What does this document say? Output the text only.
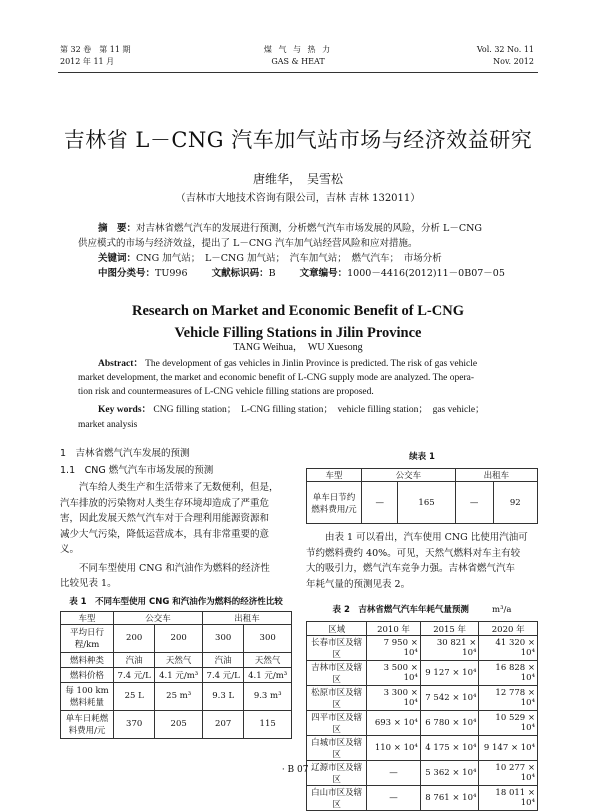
第 32 卷　第 11 期
2012 年 11 月
煤 气 与 热 力
GAS & HEAT
Vol. 32 No. 11
Nov. 2012
吉林省 L－CNG 汽车加气站市场与经济效益研究
唐维华，　吴雪松
（吉林市大地技术咨询有限公司，吉林 吉林 132011）
摘　要：对吉林省燃气汽车的发展进行预测，分析燃气汽车市场发展的风险，分析 L－CNG
供应模式的市场与经济效益，提出了 L－CNG 汽车加气站经营风险和应对措施。
关键词：CNG 加气站；　L－CNG 加气站；　汽车加气站；　燃气汽车；　市场分析
中图分类号：TU996	文献标识码：B	文章编号：1000－4416(2012)11－0B07－05
Research on Market and Economic Benefit of L-CNG
Vehicle Filling Stations in Jilin Province
TANG Weihua，　WU Xuesong
Abstract： The development of gas vehicles in Jinlin Province is predicted. The risk of gas vehicle
market development, the market and economic benefit of L-CNG supply mode are analyzed. The opera-
tion risk and countermeasures of L-CNG vehicle filling stations are proposed.
Key words： CNG filling station；　L-CNG filling station；　vehicle filling station；　gas vehicle；
market analysis
1　吉林省燃气汽车发展的预测
1.1　CNG 燃气汽车市场发展的预测
　　汽车给人类生产和生活带来了无数便利，但是，
汽车排放的污染物对人类生存环境却造成了严重危
害，因此发展天然气汽车对于合理利用能源资源和
减少大气污染，降低运营成本，具有非常重要的意
义。
　　不同车型使用 CNG 和汽油作为燃料的经济性
比较见表 1。
表 1　不同车型使用 CNG 和汽油作为燃料的经济性比较
车型	公交车		出租车	
平均日行程/km	200	200	300	300
燃料种类	汽油	天然气	汽油	天然气
燃料价格	7.4 元/L	4.1 元/m³	7.4 元/L	4.1 元/m³
每 100 km燃料耗量	25 L	25 m³	9.3 L	9.3 m³
单车日耗燃料费用/元	370	205	207	115
续表 1
车型	公交车		出租车	
单车日节约燃料费用/元	—	165	—	92
　　由表 1 可以看出，汽车使用 CNG 比使用汽油可
节约燃料费约 40%。可见，天然气燃料对车主有较
大的吸引力，燃气汽车竞争力强。吉林省燃气汽车
年耗气量的预测见表 2。
表 2　吉林省燃气汽车年耗气量预测	m³/a
区域	2010 年	2015 年	2020 年
长春市区及辖区	7 950 × 10⁴	30 821 × 10⁴	41 320 × 10⁴
吉林市区及辖区	3 500 × 10⁴	9 127 × 10⁴	16 828 × 10⁴
松原市区及辖区	3 300 × 10⁴	7 542 × 10⁴	12 778 × 10⁴
四平市区及辖区	693 × 10⁴	6 780 × 10⁴	10 529 × 10⁴
白城市区及辖区	110 × 10⁴	4 175 × 10⁴	9 147 × 10⁴
辽源市区及辖区	—	5 362 × 10⁴	10 277 × 10⁴
白山市区及辖区	—	8 761 × 10⁴	18 011 × 10⁴
· B 07 ·
